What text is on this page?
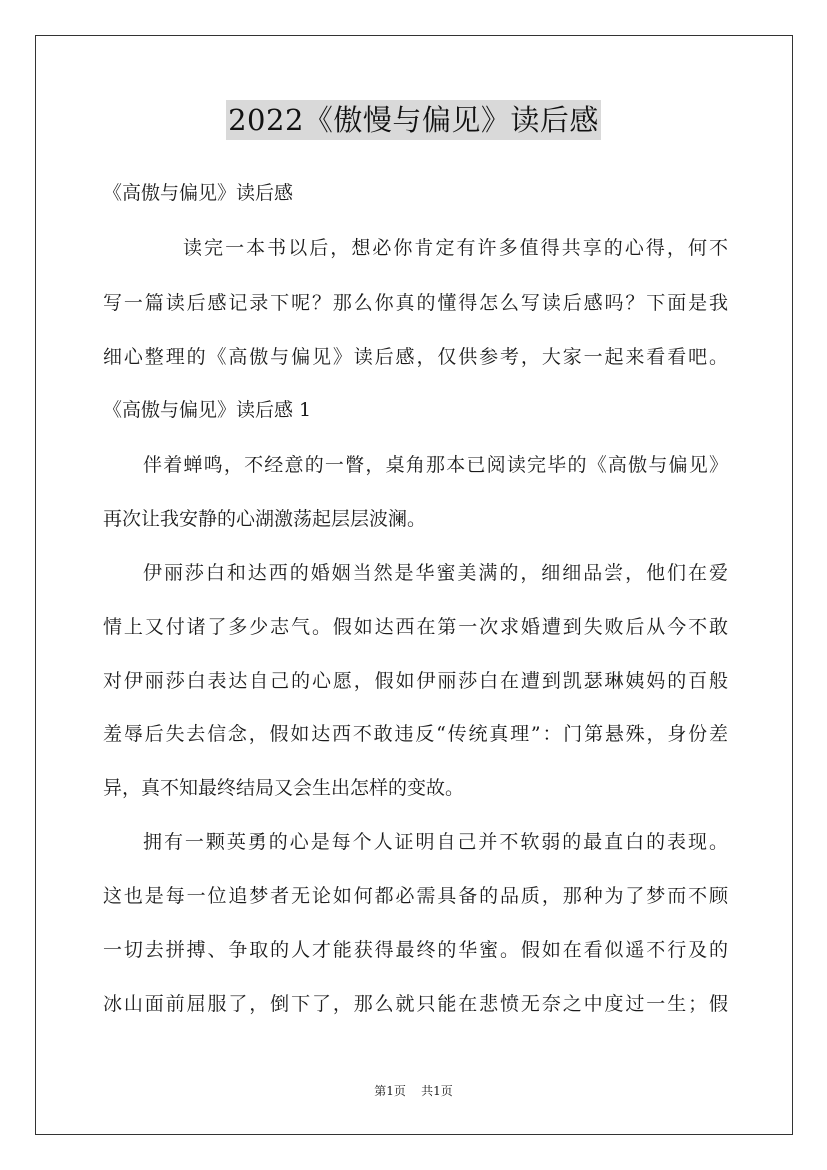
2022《傲慢与偏见》读后感
《高傲与偏见》读后感
读完一本书以后，想必你肯定有许多值得共享的心得，何不
写一篇读后感记录下呢？那么你真的懂得怎么写读后感吗？下面是我
细心整理的《高傲与偏见》读后感，仅供参考，大家一起来看看吧。
《高傲与偏见》读后感 1
伴着蝉鸣，不经意的一瞥，桌角那本已阅读完毕的《高傲与偏见》
再次让我安静的心湖激荡起层层波澜。
伊丽莎白和达西的婚姻当然是华蜜美满的，细细品尝，他们在爱
情上又付诸了多少志气。假如达西在第一次求婚遭到失败后从今不敢
对伊丽莎白表达自己的心愿，假如伊丽莎白在遭到凯瑟琳姨妈的百般
羞辱后失去信念，假如达西不敢违反“传统真理”：门第悬殊，身份差
异，真不知最终结局又会生出怎样的变故。
拥有一颗英勇的心是每个人证明自己并不软弱的最直白的表现。
这也是每一位追梦者无论如何都必需具备的品质，那种为了梦而不顾
一切去拼搏、争取的人才能获得最终的华蜜。假如在看似遥不行及的
冰山面前屈服了，倒下了，那么就只能在悲愤无奈之中度过一生；假
第1页 共1页
